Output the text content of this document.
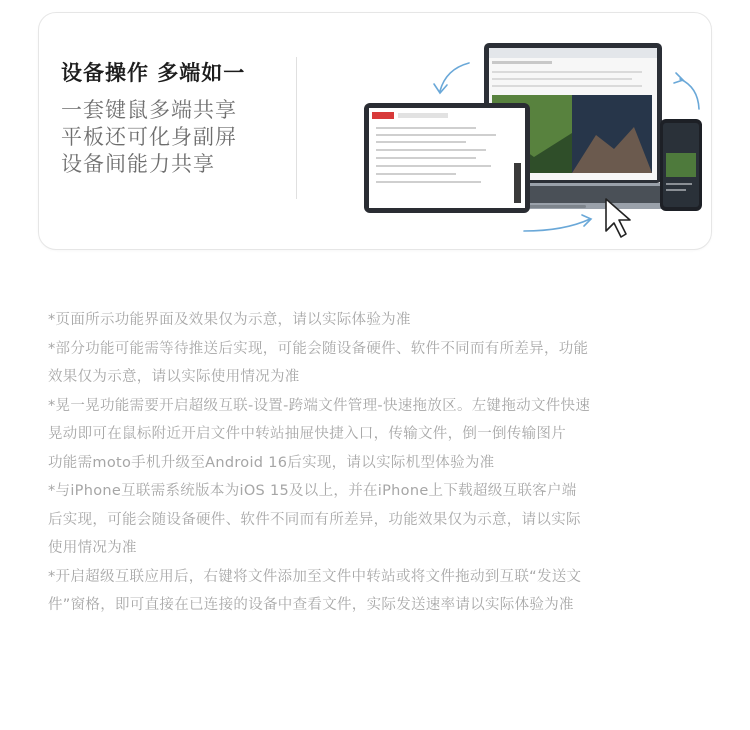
设备操作 多端如一
一套键鼠多端共享
平板还可化身副屏
设备间能力共享

*页面所示功能界面及效果仅为示意，请以实际体验为准

*部分功能可能需等待推送后实现，可能会随设备硬件、软件不同而有所差异，功能
效果仅为示意，请以实际使用情况为准

*晃一晃功能需要开启超级互联-设置-跨端文件管理-快速拖放区。左键拖动文件快速
晃动即可在鼠标附近开启文件中转站抽屉快捷入口，传输文件，倒一倒传输图片
功能需moto手机升级至Android 16后实现，请以实际机型体验为准

*与iPhone互联需系统版本为iOS 15及以上，并在iPhone上下载超级互联客户端
后实现，可能会随设备硬件、软件不同而有所差异，功能效果仅为示意，请以实际
使用情况为准

*开启超级互联应用后，右键将文件添加至文件中转站或将文件拖动到互联“发送文
件”窗格，即可直接在已连接的设备中查看文件，实际发送速率请以实际体验为准
